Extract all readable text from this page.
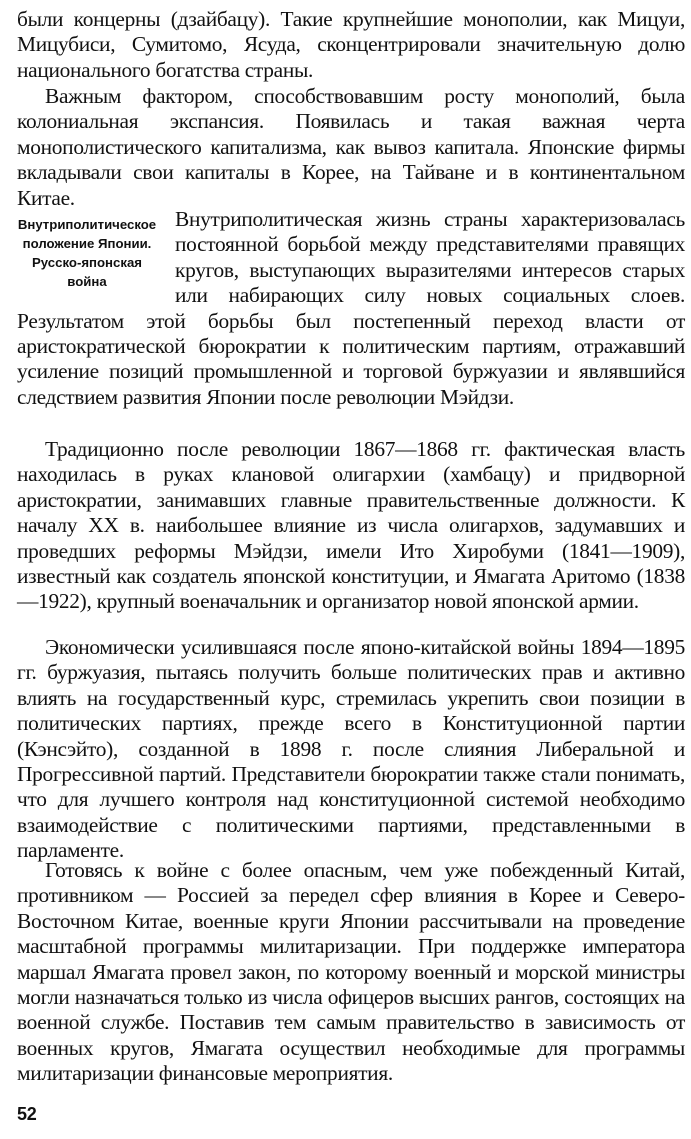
были концерны (дзайбацу). Такие крупнейшие монополии, как Мицуи, Мицубиси, Сумитомо, Ясуда, сконцентрировали значительную долю национального богатства страны.

Важным фактором, способствовавшим росту монополий, была колониальная экспансия. Появилась и такая важная черта монополистического капитализма, как вывоз капитала. Японские фирмы вкладывали свои капиталы в Корее, на Тайване и в континентальном Китае.

Внутриполитическое положение Японии. Русско-японская война
Внутриполитическая жизнь страны характеризовалась постоянной борьбой между представителями правящих кругов, выступающих выразителями интересов старых или набирающих силу новых социальных слоев. Результатом этой борьбы был постепенный переход власти от аристократической бюрократии к политическим партиям, отражавший усиление позиций промышленной и торговой буржуазии и являвшийся следствием развития Японии после революции Мэйдзи.

Традиционно после революции 1867—1868 гг. фактическая власть находилась в руках клановой олигархии (хамбацу) и придворной аристократии, занимавших главные правительственные должности. К началу XX в. наибольшее влияние из числа олигархов, задумавших и проведших реформы Мэйдзи, имели Ито Хиробуми (1841—1909), известный как создатель японской конституции, и Ямагата Аритомо (1838—1922), крупный военачальник и организатор новой японской армии.

Экономически усилившаяся после японо-китайской войны 1894—1895 гг. буржуазия, пытаясь получить больше политических прав и активно влиять на государственный курс, стремилась укрепить свои позиции в политических партиях, прежде всего в Конституционной партии (Кэнсэйто), созданной в 1898 г. после слияния Либеральной и Прогрессивной партий. Представители бюрократии также стали понимать, что для лучшего контроля над конституционной системой необходимо взаимодействие с политическими партиями, представленными в парламенте.

Готовясь к войне с более опасным, чем уже побежденный Китай, противником — Россией за передел сфер влияния в Корее и Северо-Восточном Китае, военные круги Японии рассчитывали на проведение масштабной программы милитаризации. При поддержке императора маршал Ямагата провел закон, по которому военный и морской министры могли назначаться только из числа офицеров высших рангов, состоящих на военной службе. Поставив тем самым правительство в зависимость от военных кругов, Ямагата осуществил необходимые для программы милитаризации финансовые мероприятия.

52
